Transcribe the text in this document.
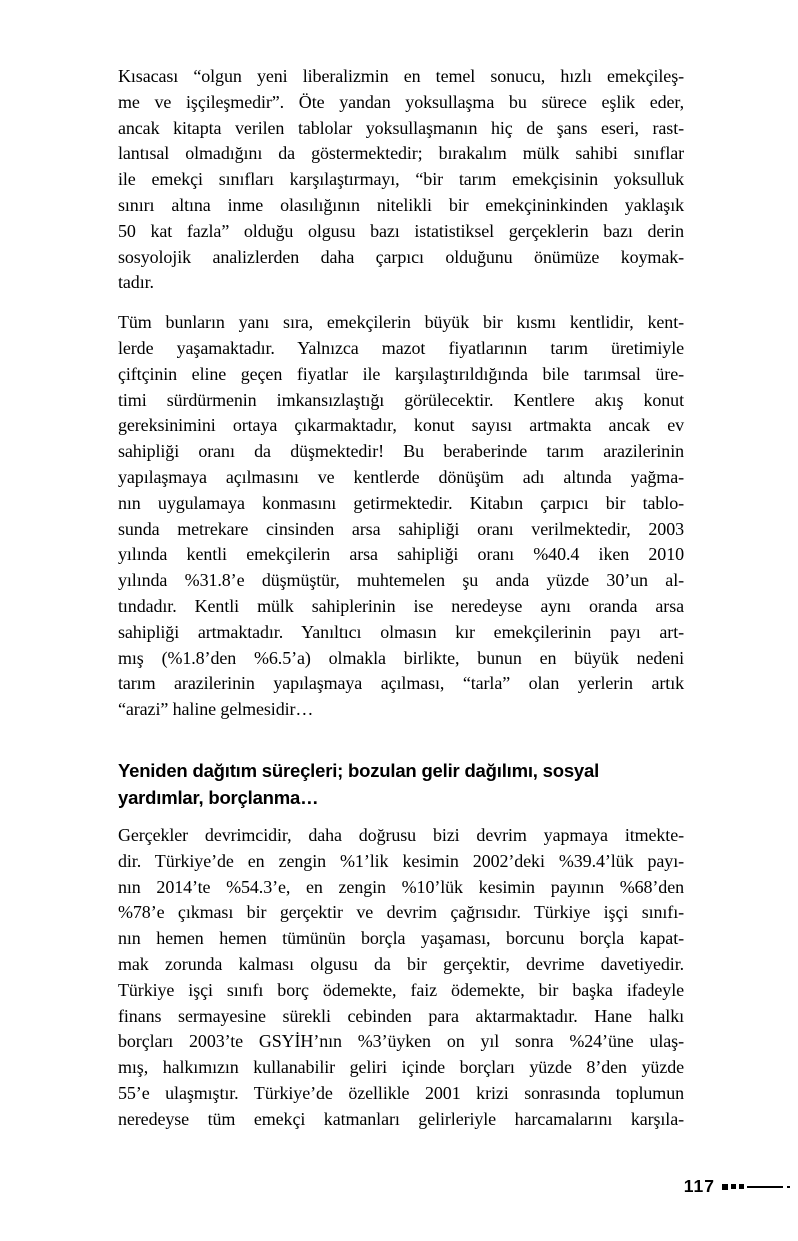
Kısacası “olgun yeni liberalizmin en temel sonucu, hızlı emekçileş-
me ve işçileşmedir”. Öte yandan yoksullaşma bu sürece eşlik eder,
ancak kitapta verilen tablolar yoksullaşmanın hiç de şans eseri, rast-
lantısal olmadığını da göstermektedir; bırakalım mülk sahibi sınıflar
ile emekçi sınıfları karşılaştırmayı, “bir tarım emekçisinin yoksulluk
sınırı altına inme olasılığının nitelikli bir emekçininkinden yaklaşık
50 kat fazla” olduğu olgusu bazı istatistiksel gerçeklerin bazı derin
sosyolojik analizlerden daha çarpıcı olduğunu önümüze koymak-
tadır.
Tüm bunların yanı sıra, emekçilerin büyük bir kısmı kentlidir, kent-
lerde yaşamaktadır. Yalnızca mazot fiyatlarının tarım üretimiyle
çiftçinin eline geçen fiyatlar ile karşılaştırıldığında bile tarımsal üre-
timi sürdürmenin imkansızlaştığı görülecektir. Kentlere akış konut
gereksinimini ortaya çıkarmaktadır, konut sayısı artmakta ancak ev
sahipliği oranı da düşmektedir! Bu beraberinde tarım arazilerinin
yapılaşmaya açılmasını ve kentlerde dönüşüm adı altında yağma-
nın uygulamaya konmasını getirmektedir. Kitabın çarpıcı bir tablo-
sunda metrekare cinsinden arsa sahipliği oranı verilmektedir, 2003
yılında kentli emekçilerin arsa sahipliği oranı %40.4 iken 2010
yılında %31.8’e düşmüştür, muhtemelen şu anda yüzde 30’un al-
tındadır. Kentli mülk sahiplerinin ise neredeyse aynı oranda arsa
sahipliği artmaktadır. Yanıltıcı olmasın kır emekçilerinin payı art-
mış (%1.8’den %6.5’a) olmakla birlikte, bunun en büyük nedeni
tarım arazilerinin yapılaşmaya açılması, “tarla” olan yerlerin artık
“arazi” haline gelmesidir…
Yeniden dağıtım süreçleri; bozulan gelir dağılımı, sosyal
yardımlar, borçlanma…
Gerçekler devrimcidir, daha doğrusu bizi devrim yapmaya itmekte-
dir. Türkiye’de en zengin %1’lik kesimin 2002’deki %39.4’lük payı-
nın 2014’te %54.3’e, en zengin %10’lük kesimin payının %68’den
%78’e çıkması bir gerçektir ve devrim çağrısıdır. Türkiye işçi sınıfı-
nın hemen hemen tümünün borçla yaşaması, borcunu borçla kapat-
mak zorunda kalması olgusu da bir gerçektir, devrime davetiyedir.
Türkiye işçi sınıfı borç ödemekte, faiz ödemekte, bir başka ifadeyle
finans sermayesine sürekli cebinden para aktarmaktadır. Hane halkı
borçları 2003’te GSYİH’nın %3’üyken on yıl sonra %24’üne ulaş-
mış, halkımızın kullanabilir geliri içinde borçları yüzde 8’den yüzde
55’e ulaşmıştır. Türkiye’de özellikle 2001 krizi sonrasında toplumun
neredeyse tüm emekçi katmanları gelirleriyle harcamalarını karşıla-
117
